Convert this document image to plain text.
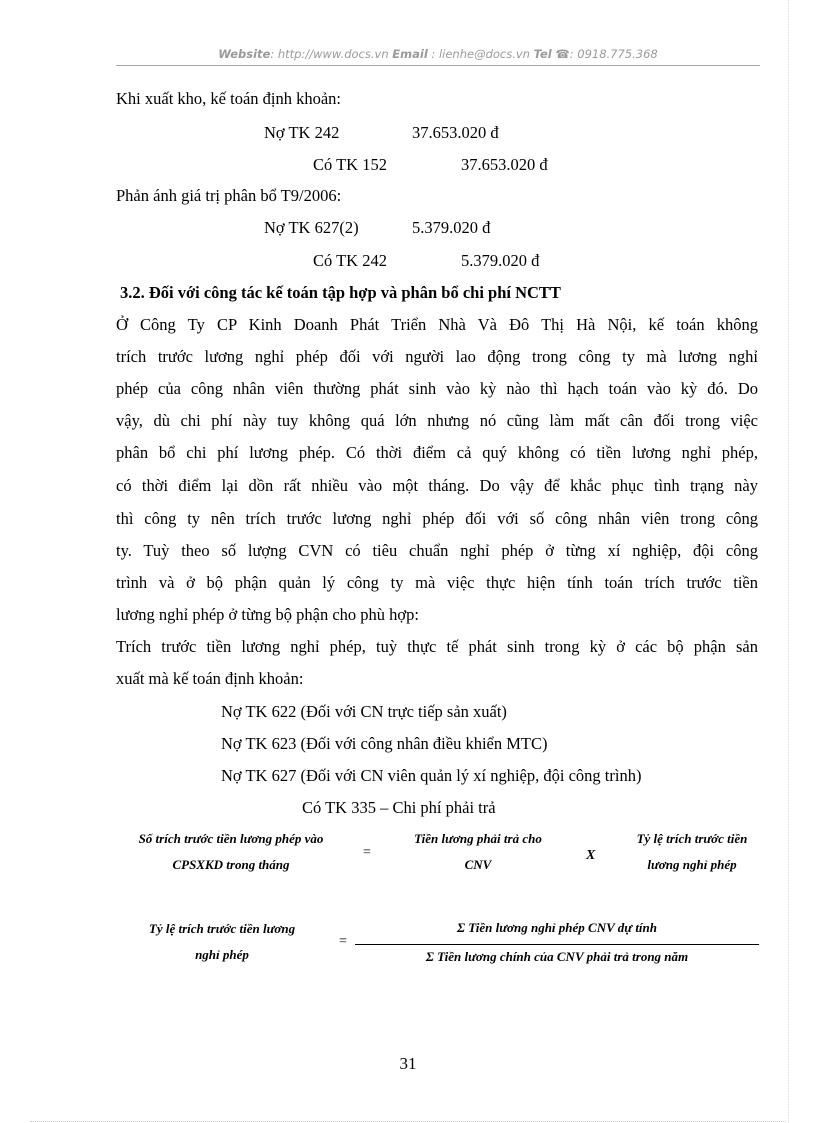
Website: http://www.docs.vn Email : lienhe@docs.vn Tel ☎: 0918.775.368
Khi xuất kho, kế toán định khoản:
Nợ TK 242	37.653.020 đ
Có TK 152	37.653.020 đ
Phản ánh giá trị phân bổ T9/2006:
Nợ TK 627(2)	5.379.020 đ
Có TK 242	5.379.020 đ
3.2. Đối với công tác kế toán tập hợp và phân bổ chi phí NCTT
Ở Công Ty CP Kinh Doanh Phát Triển Nhà Và Đô Thị Hà Nội, kế toán không
trích trước lương nghỉ phép đối với người lao động trong công ty mà lương nghỉ
phép của công nhân viên thường phát sinh vào kỳ nào thì hạch toán vào kỳ đó. Do
vậy, dù chi phí này tuy không quá lớn nhưng nó cũng làm mất cân đối trong việc
phân bổ chi phí lương phép. Có thời điểm cả quý không có tiền lương nghỉ phép,
có thời điểm lại dồn rất nhiều vào một tháng. Do vậy để khắc phục tình trạng này
thì công ty nên trích trước lương nghỉ phép đối với số công nhân viên trong công
ty. Tuỳ theo số lượng CVN có tiêu chuẩn nghỉ phép ở từng xí nghiệp, đội công
trình và ở bộ phận quản lý công ty mà việc thực hiện tính toán trích trước tiền
lương nghỉ phép ở từng bộ phận cho phù hợp:
Trích trước tiền lương nghỉ phép, tuỳ thực tế phát sinh trong kỳ ở các bộ phận sản
xuất mà kế toán định khoản:
Nợ TK 622 (Đối với CN trực tiếp sản xuất)
Nợ TK 623 (Đối với công nhân điều khiển MTC)
Nợ TK 627 (Đối với CN viên quản lý xí nghiệp, đội công trình)
Có TK 335 – Chi phí phải trả
Số trích trước tiền lương phép vào
CPSXKD trong tháng
=
Tiền lương phải trả cho
CNV
X
Tỷ lệ trích trước tiền
lương nghỉ phép
Tỷ lệ trích trước tiền lương
nghỉ phép
=
Σ Tiền lương nghỉ phép CNV dự tính
Σ Tiền lương chính của CNV phải trả trong năm
31
